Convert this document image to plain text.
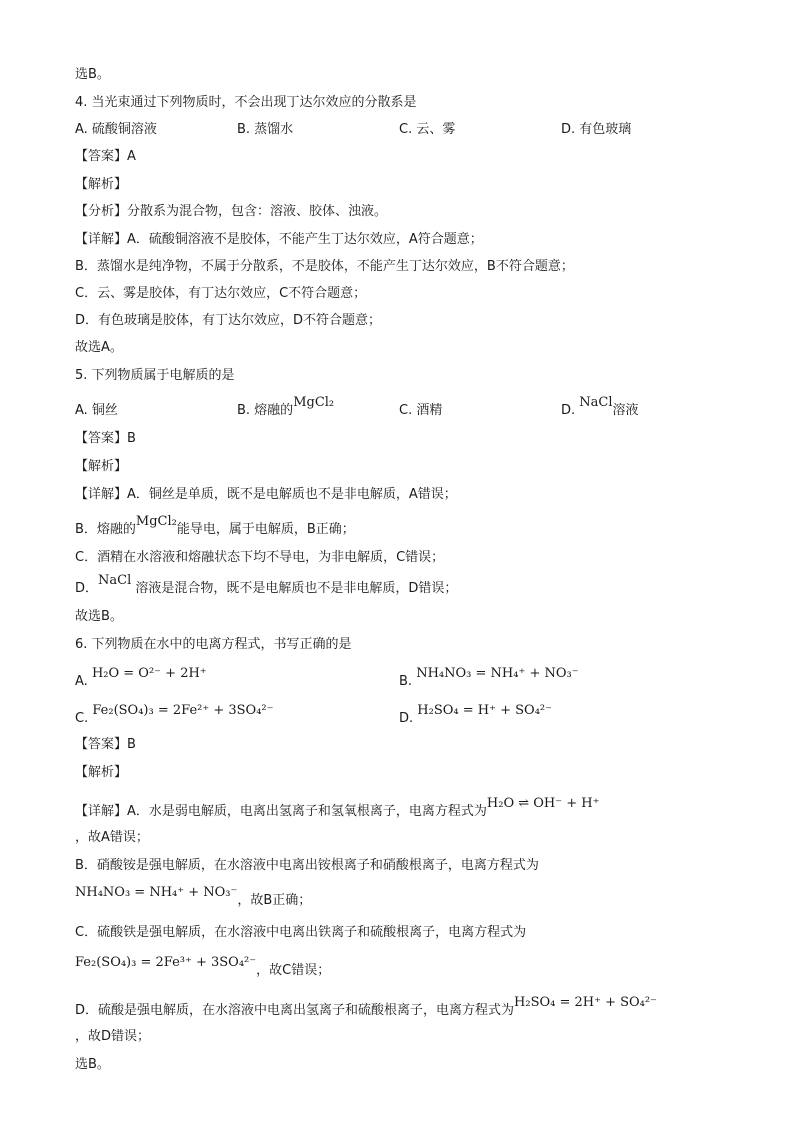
选B。
4. 当光束通过下列物质时，不会出现丁达尔效应的分散系是
A. 硫酸铜溶液	B. 蒸馏水	C. 云、雾	D. 有色玻璃
【答案】A
【解析】
【分析】分散系为混合物，包含：溶液、胶体、浊液。
【详解】A．硫酸铜溶液不是胶体，不能产生丁达尔效应，A符合题意；
B．蒸馏水是纯净物，不属于分散系，不是胶体，不能产生丁达尔效应，B不符合题意；
C．云、雾是胶体，有丁达尔效应，C不符合题意；
D．有色玻璃是胶体，有丁达尔效应，D不符合题意；
故选A。
5. 下列物质属于电解质的是
A. 铜丝	B. 熔融的MgCl₂
C. 酒精	D. NaCl溶液
【答案】B
【解析】
【详解】A．铜丝是单质，既不是电解质也不是非电解质，A错误；
B．熔融的MgCl₂能导电，属于电解质，B正确；
C．酒精在水溶液和熔融状态下均不导电，为非电解质，C错误；
D．NaCl 溶液是混合物，既不是电解质也不是非电解质，D错误；
故选B。
6. 下列物质在水中的电离方程式，书写正确的是
A. H₂O = O²⁻ + 2H⁺
B. NH₄NO₃ = NH₄⁺ + NO₃⁻
C. Fe₂(SO₄)₃ = 2Fe²⁺ + 3SO₄²⁻
D. H₂SO₄ = H⁺ + SO₄²⁻
【答案】B
【解析】
【详解】A．水是弱电解质，电离出氢离子和氢氧根离子，电离方程式为H₂O ⇌ OH⁻ + H⁺
，故A错误；
B．硝酸铵是强电解质，在水溶液中电离出铵根离子和硝酸根离子，电离方程式为
NH₄NO₃ = NH₄⁺ + NO₃⁻，故B正确；
C．硫酸铁是强电解质，在水溶液中电离出铁离子和硫酸根离子，电离方程式为
Fe₂(SO₄)₃ = 2Fe³⁺ + 3SO₄²⁻，故C错误；
D．硫酸是强电解质，在水溶液中电离出氢离子和硫酸根离子，电离方程式为H₂SO₄ = 2H⁺ + SO₄²⁻
，故D错误；
选B。
